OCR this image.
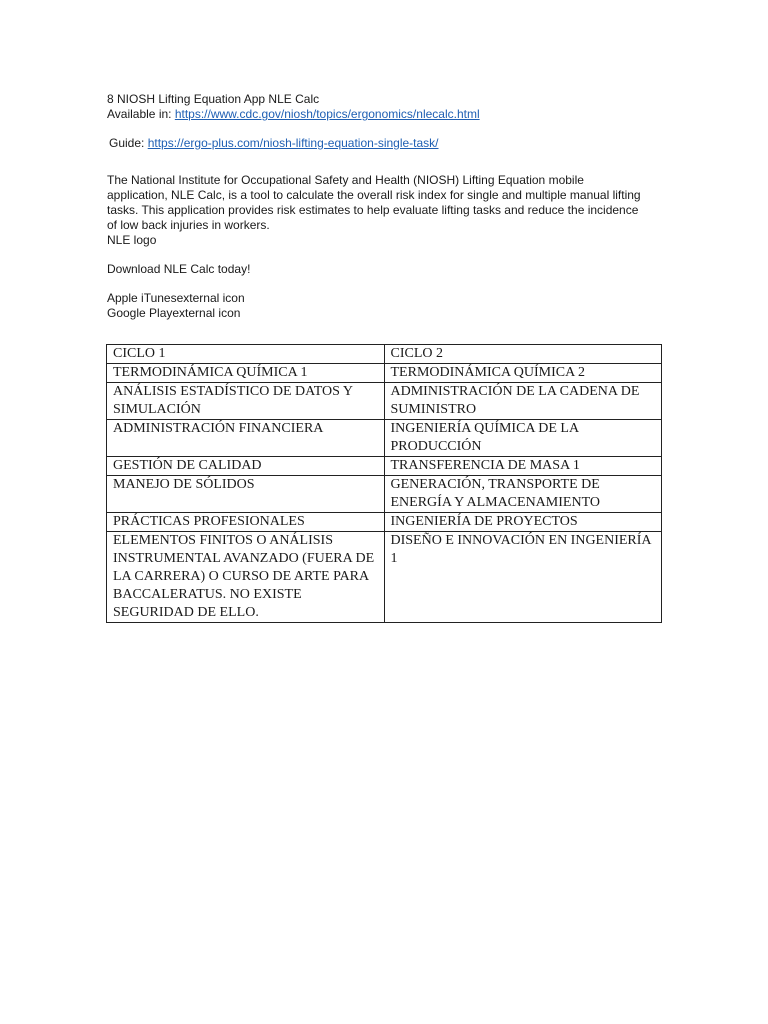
8 NIOSH Lifting Equation App NLE Calc

Available in: https://www.cdc.gov/niosh/topics/ergonomics/nlecalc.html

Guide: https://ergo-plus.com/niosh-lifting-equation-single-task/

The National Institute for Occupational Safety and Health (NIOSH) Lifting Equation mobile application, NLE Calc, is a tool to calculate the overall risk index for single and multiple manual lifting tasks. This application provides risk estimates to help evaluate lifting tasks and reduce the incidence of low back injuries in workers.

NLE logo

Download NLE Calc today!

Apple iTunesexternal icon

Google Playexternal icon

CICLO 1	CICLO 2
TERMODINÁMICA QUÍMICA 1	TERMODINÁMICA QUÍMICA 2
ANÁLISIS ESTADÍSTICO DE DATOS Y SIMULACIÓN	ADMINISTRACIÓN DE LA CADENA DE SUMINISTRO
ADMINISTRACIÓN FINANCIERA	INGENIERÍA QUÍMICA DE LA PRODUCCIÓN
GESTIÓN DE CALIDAD	TRANSFERENCIA DE MASA 1
MANEJO DE SÓLIDOS	GENERACIÓN, TRANSPORTE DE ENERGÍA Y ALMACENAMIENTO
PRÁCTICAS PROFESIONALES	INGENIERÍA DE PROYECTOS
ELEMENTOS FINITOS O ANÁLISIS INSTRUMENTAL AVANZADO (FUERA DE LA CARRERA) O CURSO DE ARTE PARA BACCALERATUS. NO EXISTE SEGURIDAD DE ELLO.	DISEÑO E INNOVACIÓN EN INGENIERÍA 1
